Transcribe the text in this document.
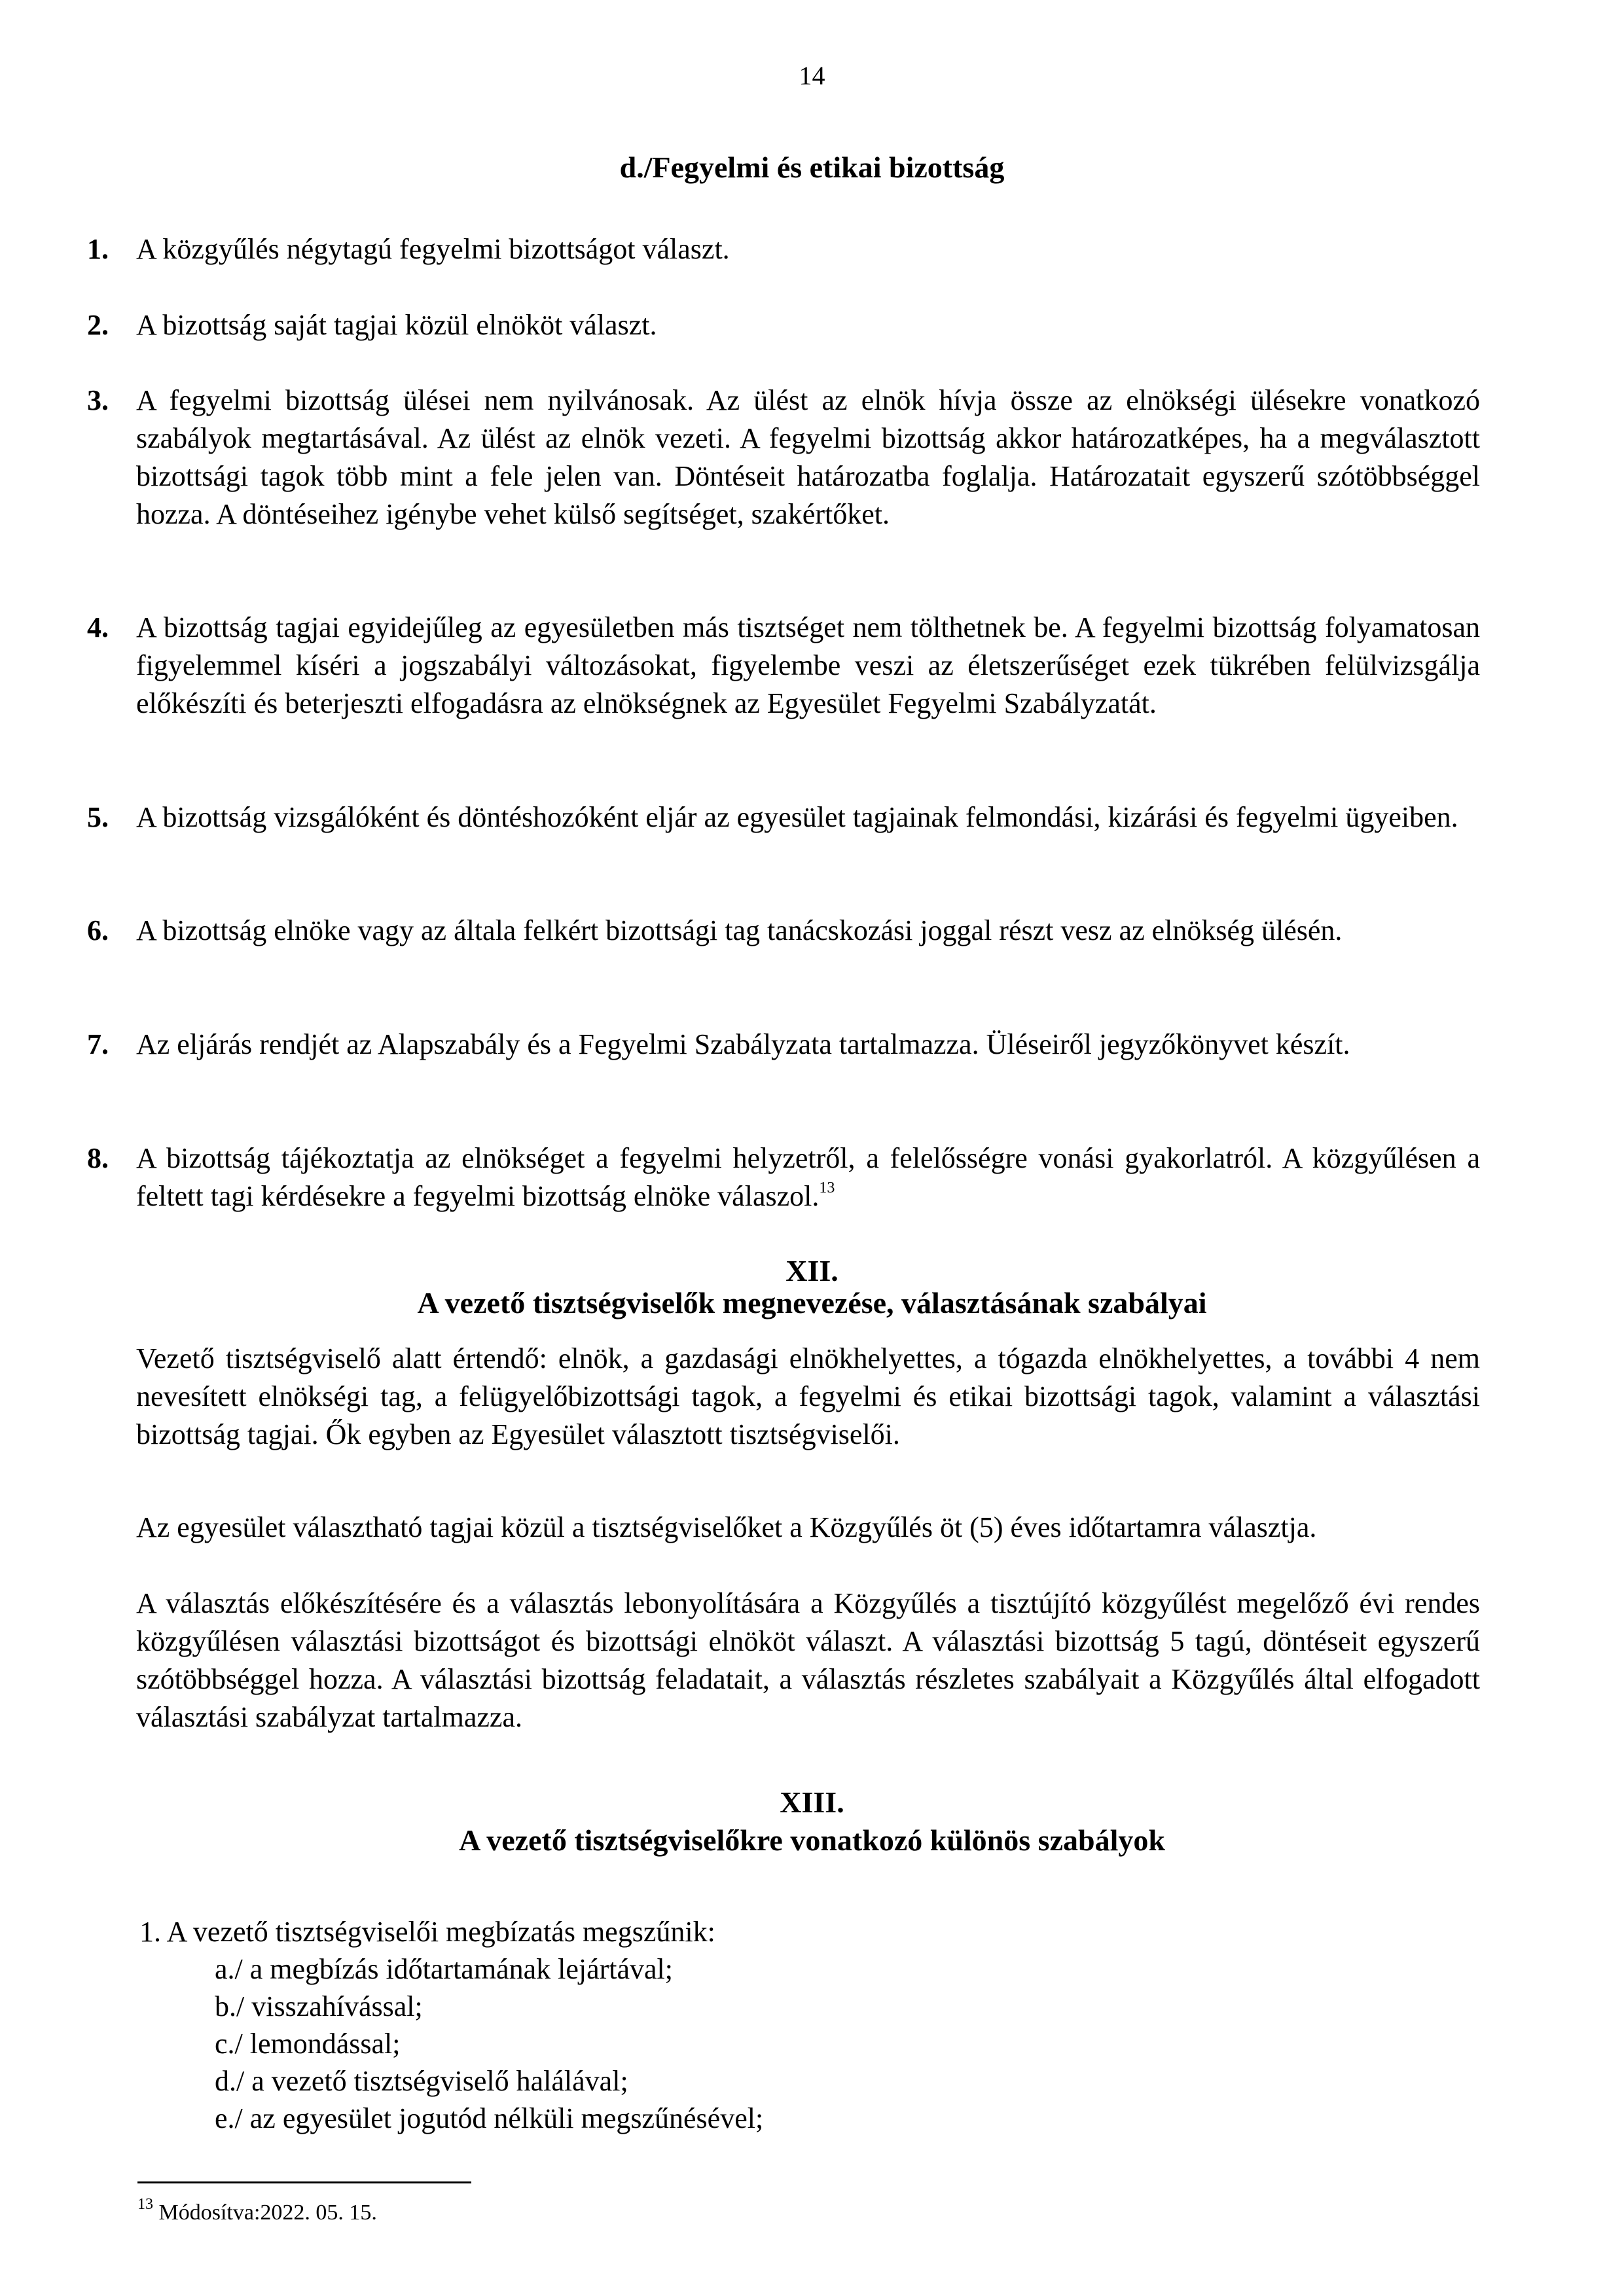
14
d./Fegyelmi és etikai bizottság
1. A közgyűlés négytagú fegyelmi bizottságot választ.
2. A bizottság saját tagjai közül elnököt választ.
3. A fegyelmi bizottság ülései nem nyilvánosak. Az ülést az elnök hívja össze az elnökségi ülésekre vonatkozó szabályok megtartásával. Az ülést az elnök vezeti. A fegyelmi bizottság akkor határozatképes, ha a megválasztott bizottsági tagok több mint a fele jelen van. Döntéseit határozatba foglalja. Határozatait egyszerű szótöbbséggel hozza. A döntéseihez igénybe vehet külső segítséget, szakértőket.
4. A bizottság tagjai egyidejűleg az egyesületben más tisztséget nem tölthetnek be. A fegyelmi bizottság folyamatosan figyelemmel kíséri a jogszabályi változásokat, figyelembe veszi az életszerűséget ezek tükrében felülvizsgálja előkészíti és beterjeszti elfogadásra az elnökségnek az Egyesület Fegyelmi Szabályzatát.
5. A bizottság vizsgálóként és döntéshozóként eljár az egyesület tagjainak felmondási, kizárási és fegyelmi ügyeiben.
6. A bizottság elnöke vagy az általa felkért bizottsági tag tanácskozási joggal részt vesz az elnökség ülésén.
7. Az eljárás rendjét az Alapszabály és a Fegyelmi Szabályzata tartalmazza. Üléseiről jegyzőkönyvet készít.
8. A bizottság tájékoztatja az elnökséget a fegyelmi helyzetről, a felelősségre vonási gyakorlatról. A közgyűlésen a feltett tagi kérdésekre a fegyelmi bizottság elnöke válaszol.$^{13}$
XII.
A vezető tisztségviselők megnevezése, választásának szabályai
Vezető tisztségviselő alatt értendő: elnök, a gazdasági elnökhelyettes, a tógazda elnökhelyettes, a további 4 nem nevesített elnökségi tag, a felügyelőbizottsági tagok, a fegyelmi és etikai bizottsági tagok, valamint a választási bizottság tagjai. Ők egyben az Egyesület választott tisztségviselői.
Az egyesület választható tagjai közül a tisztségviselőket a Közgyűlés öt (5) éves időtartamra választja.
A választás előkészítésére és a választás lebonyolítására a Közgyűlés a tisztújító közgyűlést megelőző évi rendes közgyűlésen választási bizottságot és bizottsági elnököt választ. A választási bizottság 5 tagú, döntéseit egyszerű szótöbbséggel hozza. A választási bizottság feladatait, a választás részletes szabályait a Közgyűlés által elfogadott választási szabályzat tartalmazza.
XIII.
A vezető tisztségviselőkre vonatkozó különös szabályok
1. A vezető tisztségviselői megbízatás megszűnik:
a./ a megbízás időtartamának lejártával;
b./ visszahívással;
c./ lemondással;
d./ a vezető tisztségviselő halálával;
e./ az egyesület jogutód nélküli megszűnésével;
$^{13}$ Módosítva:2022. 05. 15.
